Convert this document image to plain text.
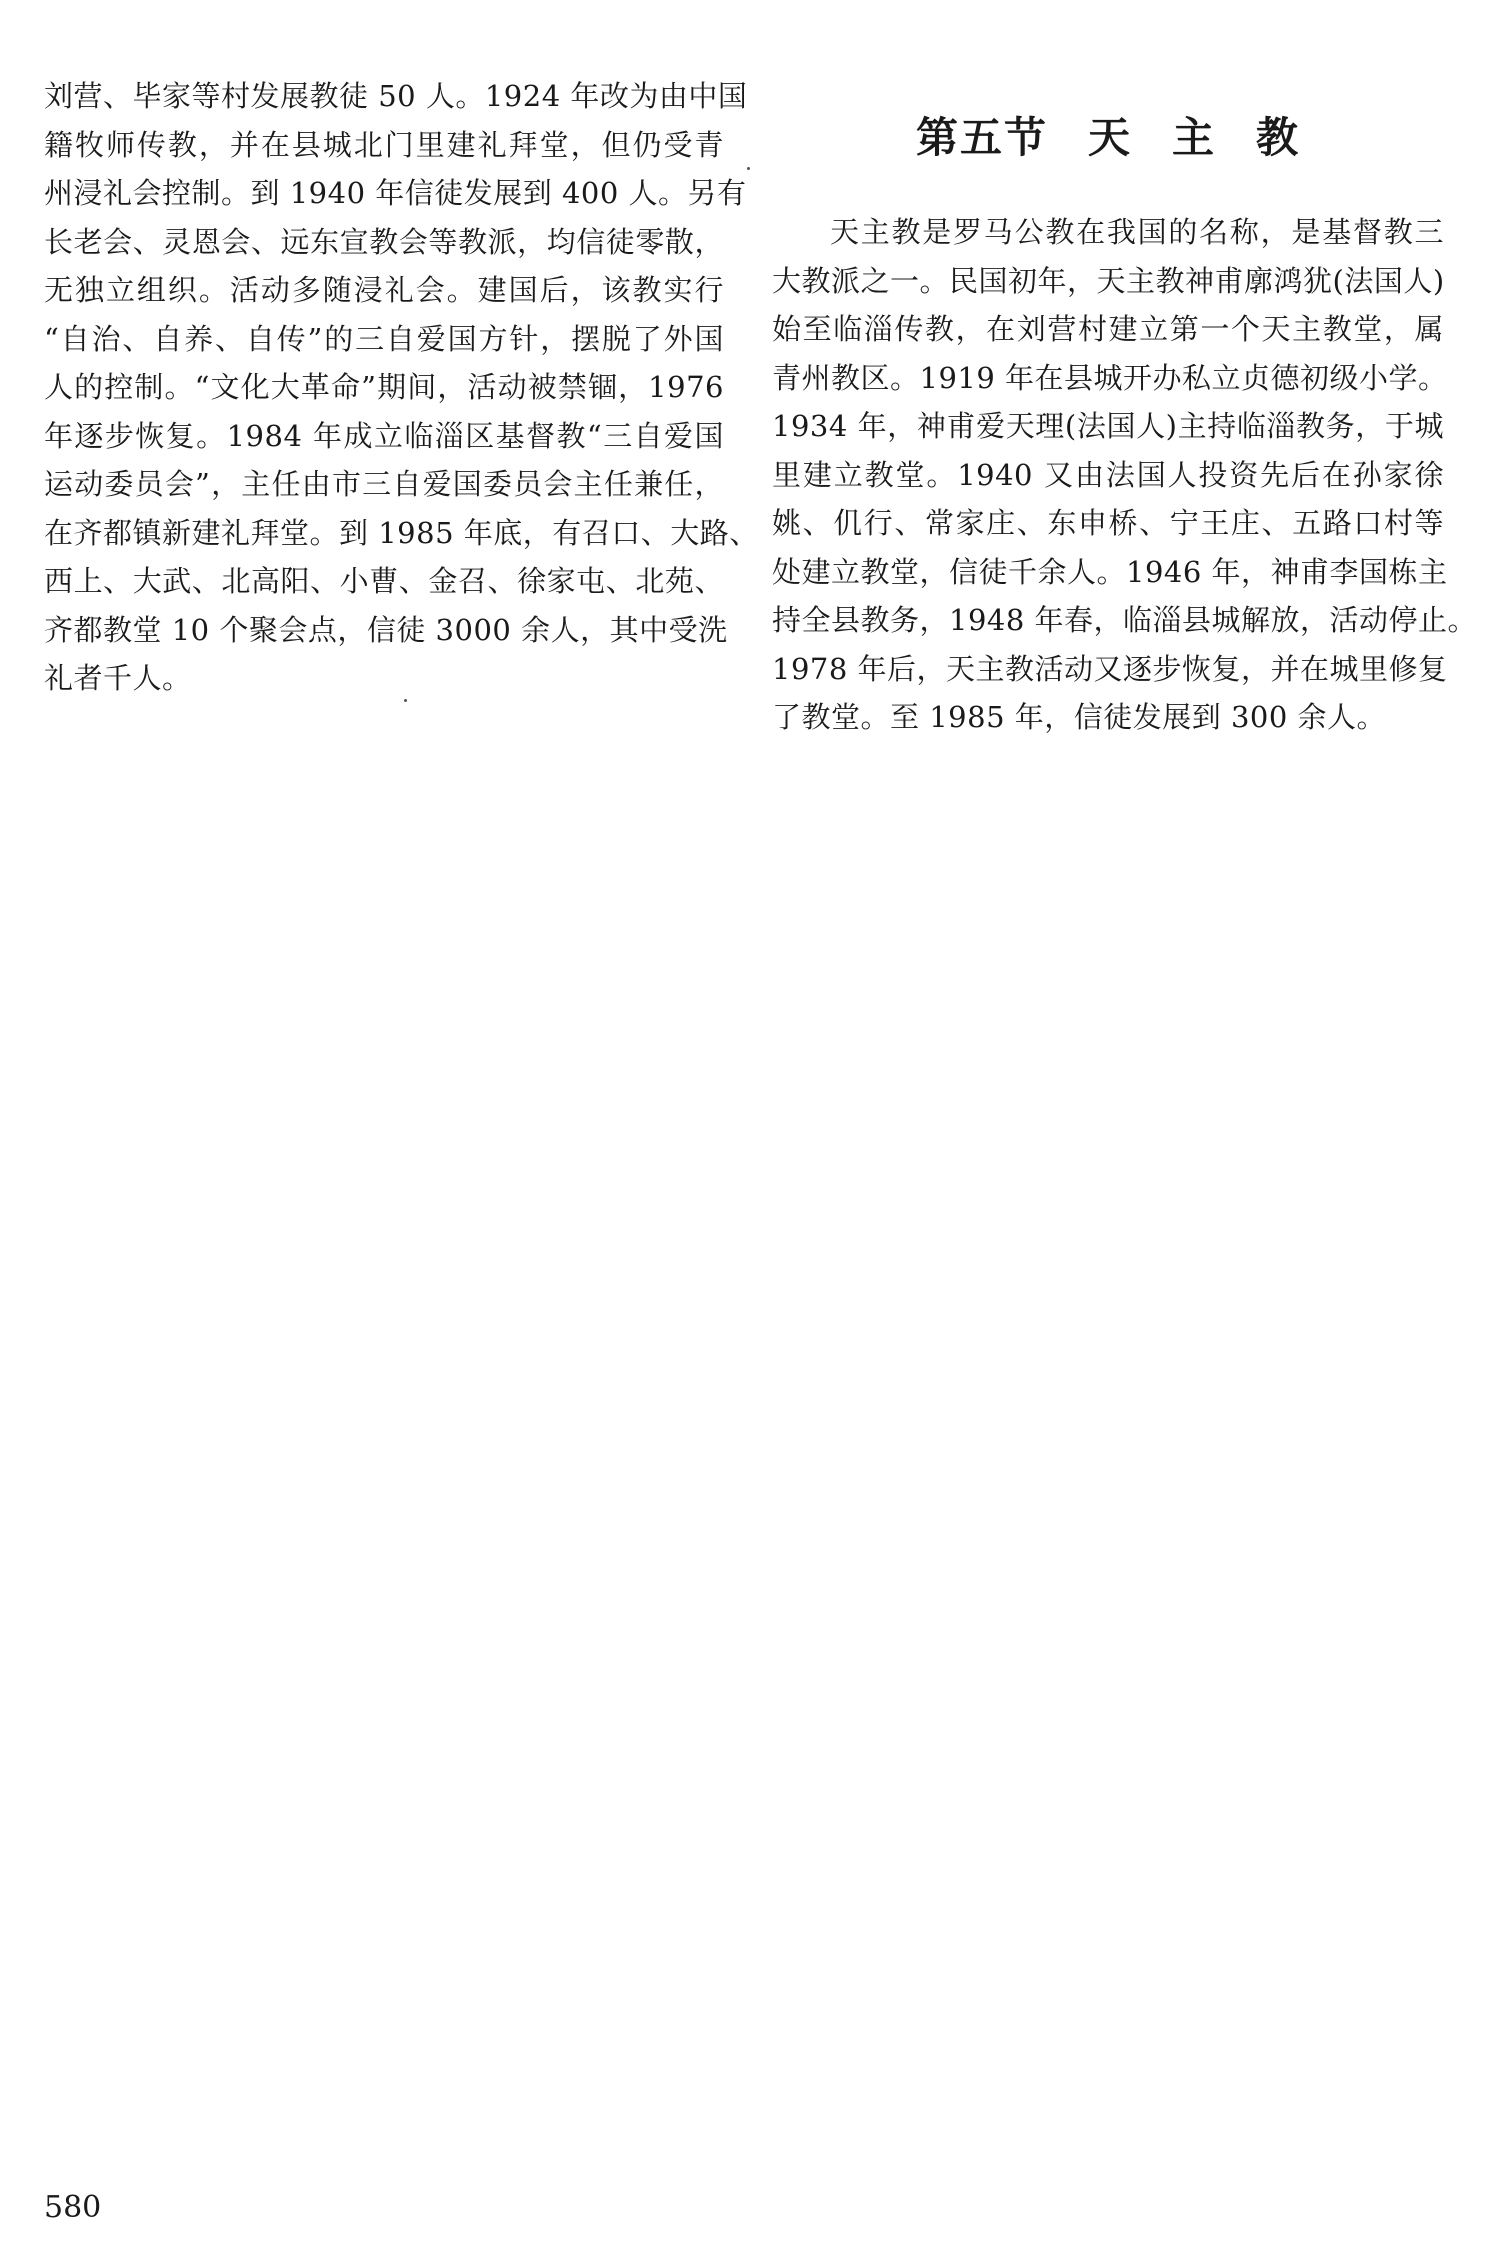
刘营、毕家等村发展教徒 50 人。1924 年改为由中国
籍牧师传教，并在县城北门里建礼拜堂，但仍受青
州浸礼会控制。到 1940 年信徒发展到 400 人。另有
长老会、灵恩会、远东宣教会等教派，均信徒零散，
无独立组织。活动多随浸礼会。建国后，该教实行
“自治、自养、自传”的三自爱国方针，摆脱了外国
人的控制。“文化大革命”期间，活动被禁锢，1976
年逐步恢复。1984 年成立临淄区基督教“三自爱国
运动委员会”，主任由市三自爱国委员会主任兼任，
在齐都镇新建礼拜堂。到 1985 年底，有召口、大路、
西上、大武、北高阳、小曹、金召、徐家屯、北苑、
齐都教堂 10 个聚会点，信徒 3000 余人，其中受洗
礼者千人。
第五节 天 主 教
天主教是罗马公教在我国的名称，是基督教三
大教派之一。民国初年，天主教神甫廓鸿犹(法国人)
始至临淄传教，在刘营村建立第一个天主教堂，属
青州教区。1919 年在县城开办私立贞德初级小学。
1934 年，神甫爱天理(法国人)主持临淄教务，于城
里建立教堂。1940 又由法国人投资先后在孙家徐
姚、仉行、常家庄、东申桥、宁王庄、五路口村等
处建立教堂，信徒千余人。1946 年，神甫李国栋主
持全县教务，1948 年春，临淄县城解放，活动停止。
1978 年后，天主教活动又逐步恢复，并在城里修复
了教堂。至 1985 年，信徒发展到 300 余人。
580
